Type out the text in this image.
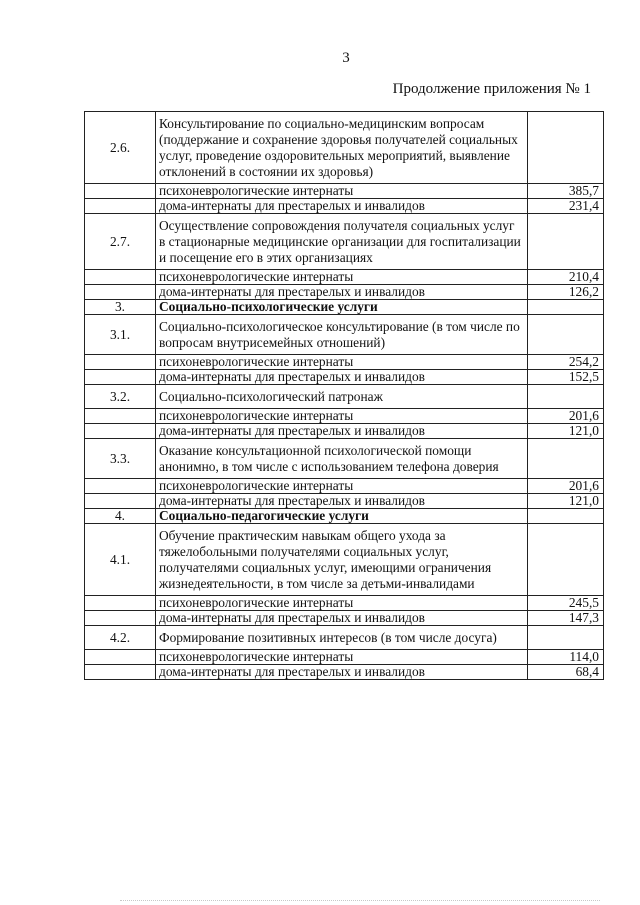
3
Продолжение приложения № 1
2.6.	Консультирование по социально-медицинским вопросам (поддержание и сохранение здоровья получателей социальных услуг, проведение оздоровительных мероприятий, выявление отклонений в состоянии их здоровья)	
	психоневрологические интернаты	385,7
	дома-интернаты для престарелых и инвалидов	231,4
2.7.	Осуществление сопровождения получателя социальных услуг в стационарные медицинские организации для госпитализации и посещение его в этих организациях	
	психоневрологические интернаты	210,4
	дома-интернаты для престарелых и инвалидов	126,2
3.	Социально-психологические услуги	
3.1.	Социально-психологическое консультирование (в том числе по вопросам внутрисемейных отношений)	
	психоневрологические интернаты	254,2
	дома-интернаты для престарелых и инвалидов	152,5
3.2.	Социально-психологический патронаж	
	психоневрологические интернаты	201,6
	дома-интернаты для престарелых и инвалидов	121,0
3.3.	Оказание консультационной психологической помощи анонимно, в том числе с использованием телефона доверия	
	психоневрологические интернаты	201,6
	дома-интернаты для престарелых и инвалидов	121,0
4.	Социально-педагогические услуги	
4.1.	Обучение практическим навыкам общего ухода за тяжелобольными получателями социальных услуг, получателями социальных услуг, имеющими ограничения жизнедеятельности, в том числе за детьми-инвалидами	
	психоневрологические интернаты	245,5
	дома-интернаты для престарелых и инвалидов	147,3
4.2.	Формирование позитивных интересов (в том числе досуга)	
	психоневрологические интернаты	114,0
	дома-интернаты для престарелых и инвалидов	68,4
